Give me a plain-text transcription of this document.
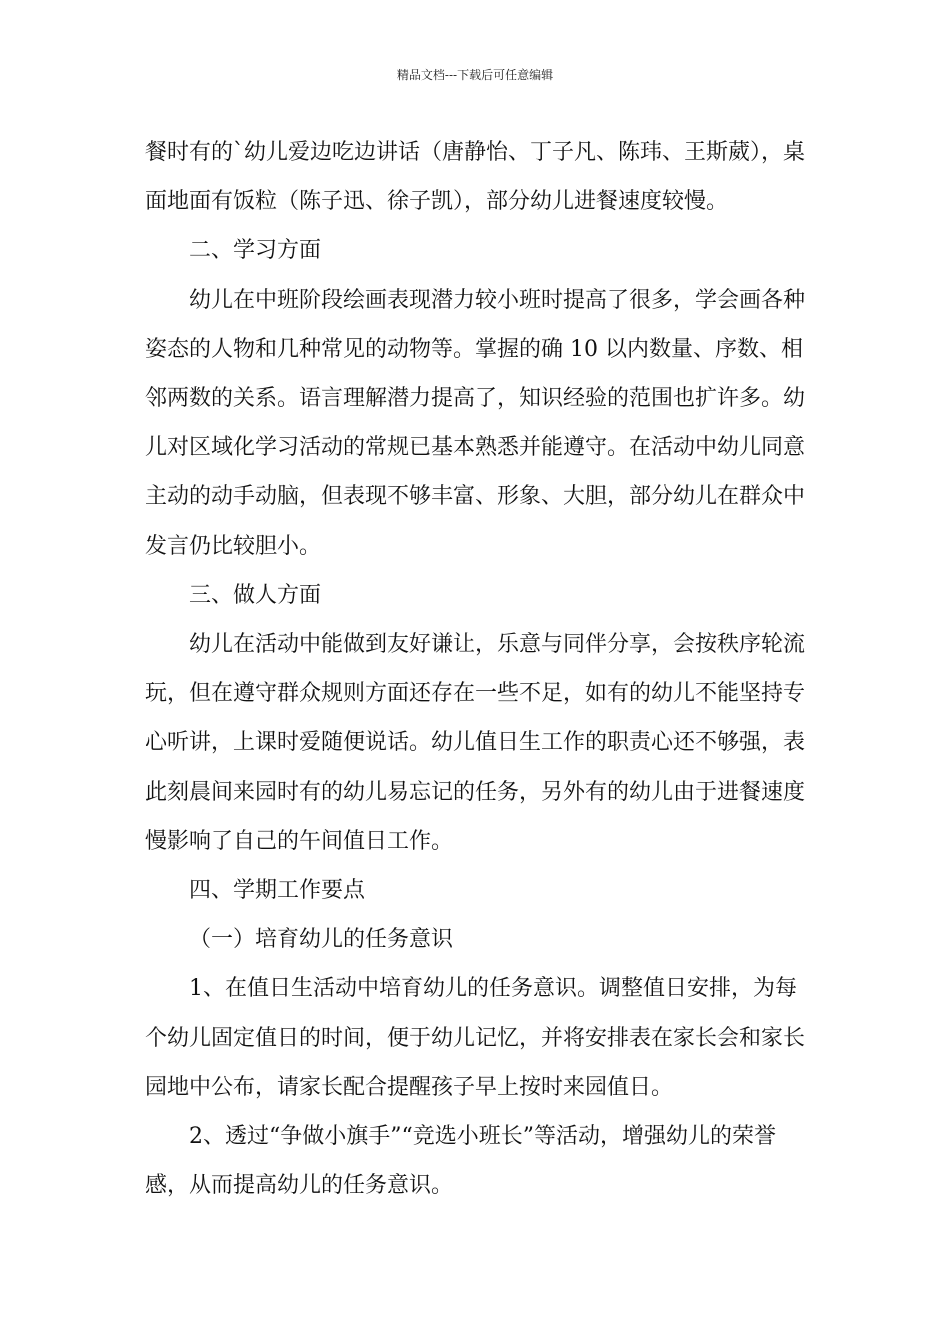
精品文档---下载后可任意编辑

餐时有的`幼儿爱边吃边讲话（唐静怡、丁子凡、陈玮、王斯葳），桌面地面有饭粒（陈子迅、徐子凯），部分幼儿进餐速度较慢。

二、学习方面

幼儿在中班阶段绘画表现潜力较小班时提高了很多，学会画各种姿态的人物和几种常见的动物等。掌握的确 10 以内数量、序数、相邻两数的关系。语言理解潜力提高了，知识经验的范围也扩许多。幼儿对区域化学习活动的常规已基本熟悉并能遵守。在活动中幼儿同意主动的动手动脑，但表现不够丰富、形象、大胆，部分幼儿在群众中发言仍比较胆小。

三、做人方面

幼儿在活动中能做到友好谦让，乐意与同伴分享，会按秩序轮流玩，但在遵守群众规则方面还存在一些不足，如有的幼儿不能坚持专心听讲，上课时爱随便说话。幼儿值日生工作的职责心还不够强，表此刻晨间来园时有的幼儿易忘记的任务，另外有的幼儿由于进餐速度慢影响了自己的午间值日工作。

四、学期工作要点

（一）培育幼儿的任务意识

1、在值日生活动中培育幼儿的任务意识。调整值日安排，为每个幼儿固定值日的时间，便于幼儿记忆，并将安排表在家长会和家长园地中公布，请家长配合提醒孩子早上按时来园值日。

2、透过“争做小旗手”“竞选小班长”等活动，增强幼儿的荣誉感，从而提高幼儿的任务意识。
